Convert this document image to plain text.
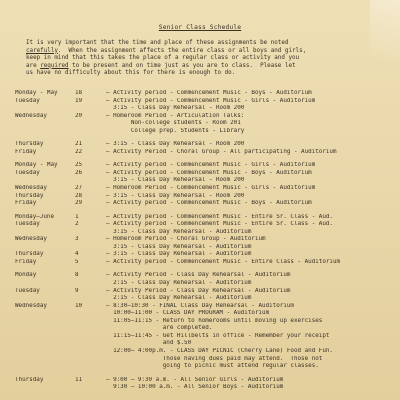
Senior Class Schedule
It is very important that the time and place of these assignments be noted
carefully.  When the assignment affects the entire class or all boys and girls,
keep in mind that this takes the place of a regular class or activity and you
are required to be present and on time just as you are to class.  Please let
us have no difficulty about this for there is enough to do.
Monday - May	18	— Activity period - Commencement Music - Boys - Auditorium
Tuesday	19	— Activity period - Commencement Music - Girls - Auditorium
3:15 - Class Day Rehearsal - Room 200
Wednesday	20	— Homeroom Period - Articulation Talks:
Non-college students - Room 201
College prep. Students - Library
Thursday	21	— 3:15 - Class Day Rehearsal - Room 200
Friday	22	— Activity Period - Choral Group - All participating - Auditorium
Monday - May	25	— Activity period - Commencement Music - Girls - Auditorium
Tuesday	26	— Activity period - Commencement Music - Boys - Auditorium
3:15 - Class Day Rehearsal - Room 200
Wednesday	27	— Homeroom Period - Commencement Music - Girls - Auditorium
Thursday	28	— 3:15 - Class Day Rehearsal - Room 200
Friday	29	— Activity period - Commencement Music - Boys - Auditorium
Monday—June	1	— Activity period - Commencement Music - Entire Sr. Class - Aud.
Tuesday	2	— Activity period - Commencement Music - Entire Sr. Class - Aud.
3:15 - Class Day Rehearsal - Auditorium
Wednesday	3	— Homeroom Period - Choral Group - Auditorium
3:15 - Class Day Rehearsal - Auditorium
Thursday	4	— 3:15 - Class Day Rehearsal - Auditorium
Friday	5	— Activity period - Commencement Music - Entire Class - Auditorium
Monday	8	— Activity Period - Class Day Rehearsal - Auditorium
2:15 - Class Day Rehearsal - Auditorium
Tuesday	9	— Activity Period - Class Day Rehearsal - Auditorium
2:15 - Class Day Rehearsal - Auditorium
Wednesday	10	— 8:30—10:30 - FINAL Class Day Rehearsal - Auditorium
10:00—11:00 - CLASS DAY PROGRAM - Auditorium
11:05—11:15 - Return to homerooms until moving up exercises
are completed.
11:15—11:45 - Get Hillbelts in office - Remember your receipt
and $.50
12:00— 4:00p.m. - CLASS DAY PICNIC (Cherry Lane) Food and Fun.
Those having dues paid may attend.  Those not
going to picnic must attend regular classes.
Thursday	11	— 9:00 — 9:30 a.m. - All Senior Girls - Auditorium
9:30 — 10:00 a.m. - All Senior Boys - Auditorium
